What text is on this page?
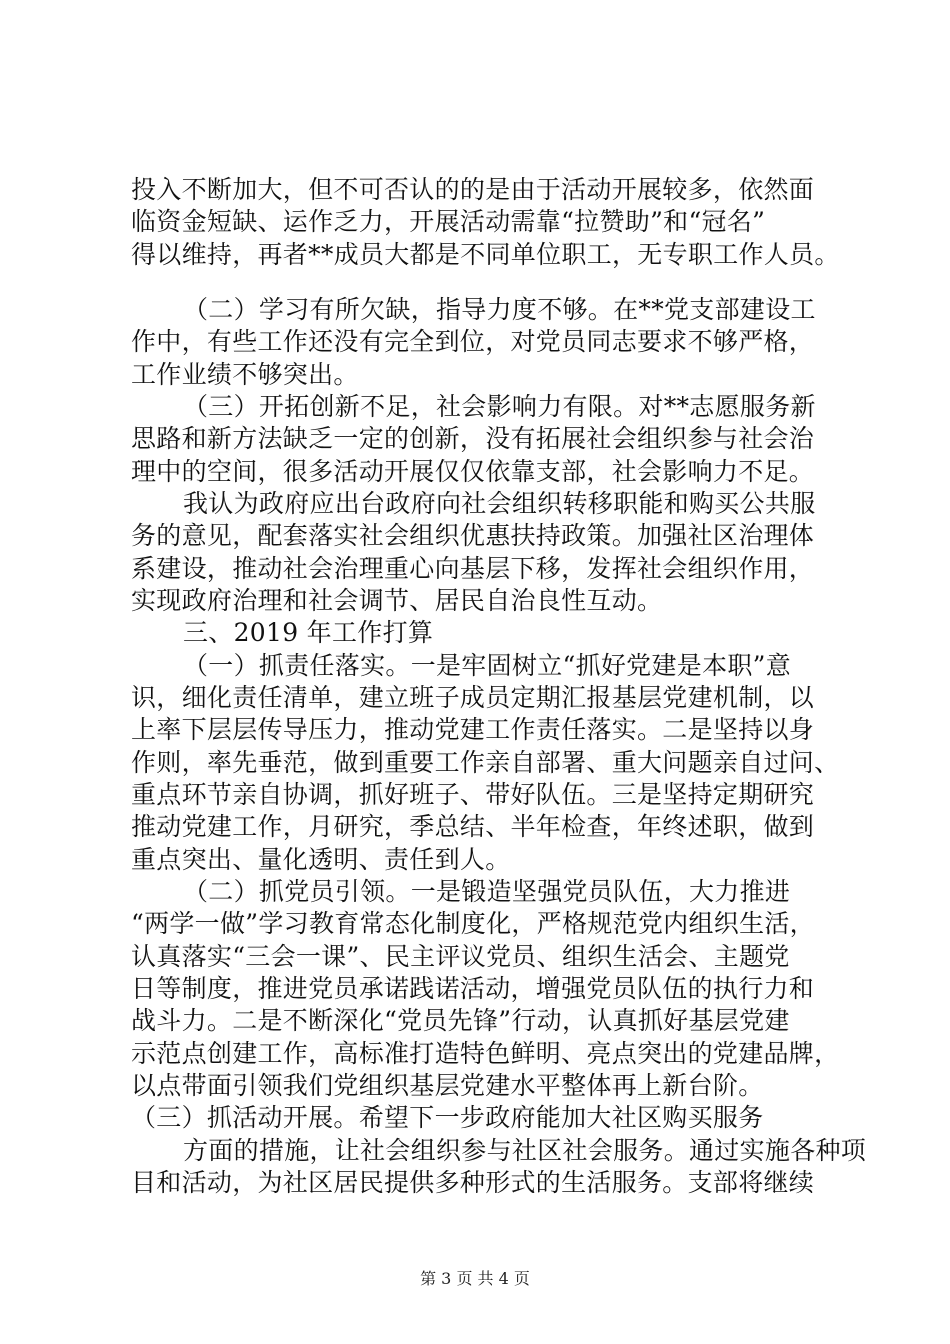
投入不断加大，但不可否认的的是由于活动开展较多，依然面
临资金短缺、运作乏力，开展活动需靠“拉赞助”和“冠名”
得以维持，再者**成员大都是不同单位职工，无专职工作人员。
（二）学习有所欠缺，指导力度不够。在**党支部建设工
作中，有些工作还没有完全到位，对党员同志要求不够严格，
工作业绩不够突出。
（三）开拓创新不足，社会影响力有限。对**志愿服务新
思路和新方法缺乏一定的创新，没有拓展社会组织参与社会治
理中的空间，很多活动开展仅仅依靠支部，社会影响力不足。
我认为政府应出台政府向社会组织转移职能和购买公共服
务的意见，配套落实社会组织优惠扶持政策。加强社区治理体
系建设，推动社会治理重心向基层下移，发挥社会组织作用，
实现政府治理和社会调节、居民自治良性互动。
三、2019 年工作打算
（一）抓责任落实。一是牢固树立“抓好党建是本职”意
识，细化责任清单，建立班子成员定期汇报基层党建机制，以
上率下层层传导压力，推动党建工作责任落实。二是坚持以身
作则，率先垂范，做到重要工作亲自部署、重大问题亲自过问、
重点环节亲自协调，抓好班子、带好队伍。三是坚持定期研究
推动党建工作，月研究，季总结、半年检查，年终述职，做到
重点突出、量化透明、责任到人。
（二）抓党员引领。一是锻造坚强党员队伍，大力推进
“两学一做”学习教育常态化制度化，严格规范党内组织生活，
认真落实“三会一课”、民主评议党员、组织生活会、主题党
日等制度，推进党员承诺践诺活动，增强党员队伍的执行力和
战斗力。二是不断深化“党员先锋”行动，认真抓好基层党建
示范点创建工作，高标准打造特色鲜明、亮点突出的党建品牌，
以点带面引领我们党组织基层党建水平整体再上新台阶。
（三）抓活动开展。希望下一步政府能加大社区购买服务
方面的措施，让社会组织参与社区社会服务。通过实施各种项
目和活动，为社区居民提供多种形式的生活服务。支部将继续
第 3 页 共 4 页
